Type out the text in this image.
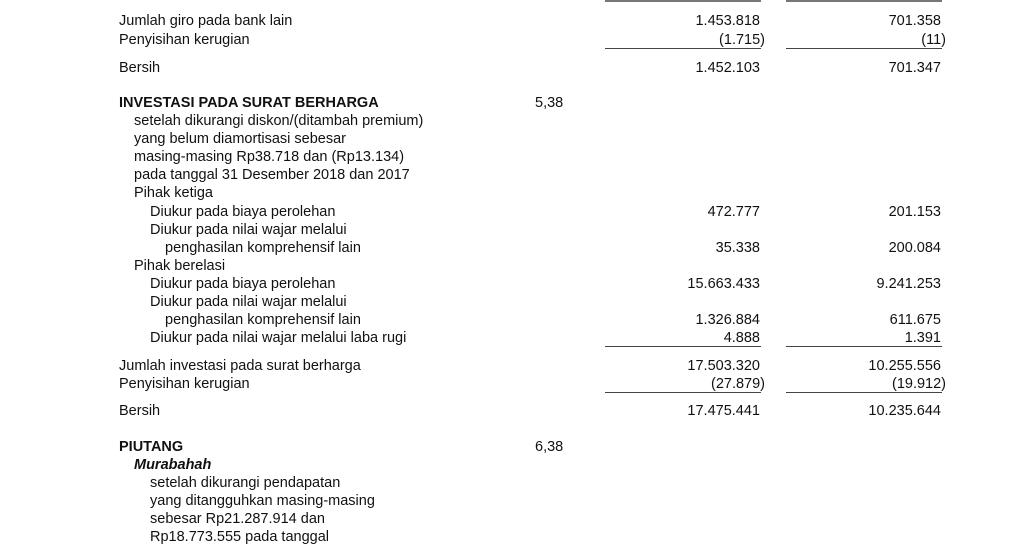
Jumlah giro pada bank lain	1.453.818	701.358
Penyisihan kerugian	(1.715)	(11)
Bersih	1.452.103	701.347
INVESTASI PADA SURAT BERHARGA	5,38
setelah dikurangi diskon/(ditambah premium)
yang belum diamortisasi sebesar
masing-masing Rp38.718 dan (Rp13.134)
pada tanggal 31 Desember 2018 dan 2017
Pihak ketiga
Diukur pada biaya perolehan	472.777	201.153
Diukur pada nilai wajar melalui
penghasilan komprehensif lain	35.338	200.084
Pihak berelasi
Diukur pada biaya perolehan	15.663.433	9.241.253
Diukur pada nilai wajar melalui
penghasilan komprehensif lain	1.326.884	611.675
Diukur pada nilai wajar melalui laba rugi	4.888	1.391
Jumlah investasi pada surat berharga	17.503.320	10.255.556
Penyisihan kerugian	(27.879)	(19.912)
Bersih	17.475.441	10.235.644
PIUTANG	6,38
Murabahah
setelah dikurangi pendapatan
yang ditangguhkan masing-masing
sebesar Rp21.287.914 dan
Rp18.773.555 pada tanggal
